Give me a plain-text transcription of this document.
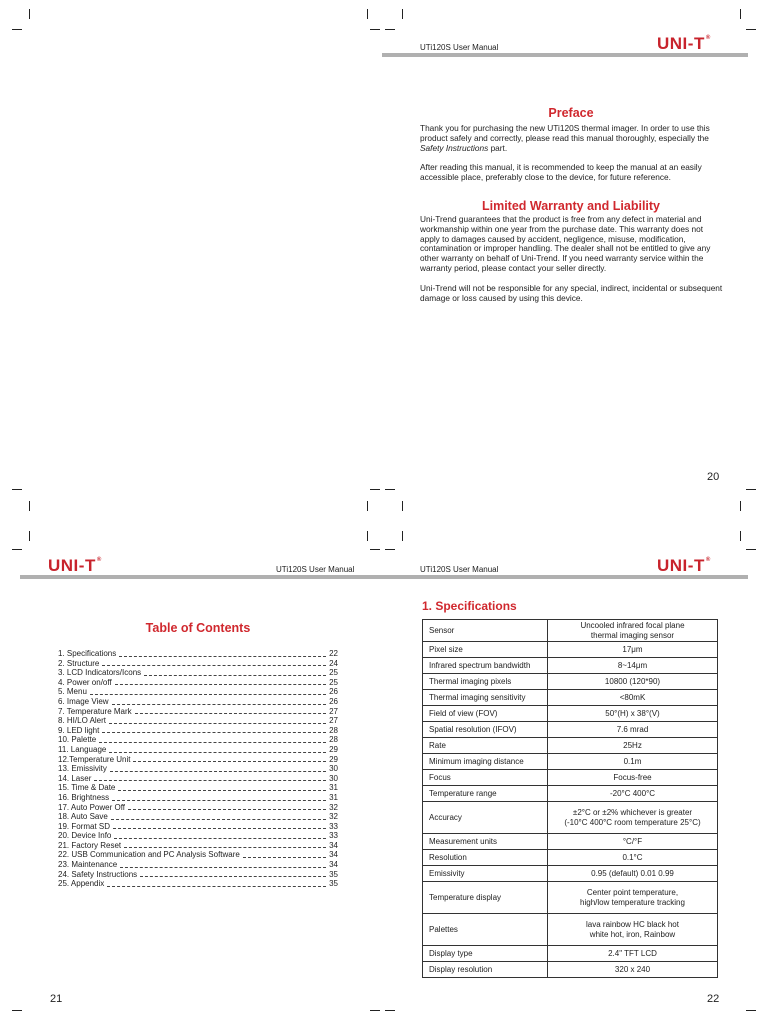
UTi120S User Manual	UNI-T®
Preface
Thank you for purchasing the new UTi120S thermal imager. In order to use this product safely and correctly, please read this manual thoroughly, especially the Safety Instructions part.
After reading this manual, it is recommended to keep the manual at an easily accessible place, preferably close to the device, for future reference.
Limited Warranty and Liability
Uni-Trend guarantees that the product is free from any defect in material and workmanship within one year from the purchase date. This warranty does not apply to damages caused by accident, negligence, misuse, modification, contamination or improper handling. The dealer shall not be entitled to give any other warranty on behalf of Uni-Trend. If you need warranty service within the warranty period, please contact your seller directly.
Uni-Trend will not be responsible for any special, indirect, incidental or subsequent damage or loss caused by using this device.
20
UNI-T®
UTi120S User Manual
Table of Contents
1. Specifications	22
2. Structure	24
3. LCD Indicators/Icons	25
4. Power on/off	25
5. Menu	26
6. Image View	26
7. Temperature Mark	27
8. HI/LO Alert	27
9. LED light	28
10. Palette	28
11. Language	29
12.Temperature Unit	29
13. Emissivity	30
14. Laser	30
15. Time & Date	31
16. Brightness	31
17. Auto Power Off	32
18. Auto Save	32
19. Format SD	33
20. Device Info	33
21. Factory Reset	34
22. USB Communication and PC Analysis Software	34
23. Maintenance	34
24. Safety Instructions	35
25. Appendix	35
21
UTi120S User Manual	UNI-T®
1. Specifications
Sensor	Uncooled infrared focal plane
thermal imaging sensor

Pixel size	17μm

Infrared spectrum bandwidth	8~14μm

Thermal imaging pixels	10800 (120*90)

Thermal imaging sensitivity	<80mK

Field of view (FOV)	50°(H) x 38°(V)

Spatial resolution (IFOV)	7.6 mrad

Rate	25Hz

Minimum imaging distance	0.1m

Focus	Focus-free

Temperature range	-20°C 400°C

Accuracy	±2°C or ±2% whichever is greater
(-10°C 400°C room temperature 25°C)

Measurement units	°C/°F

Resolution	0.1°C

Emissivity	0.95 (default) 0.01 0.99

Temperature display	Center point temperature,
high/low temperature tracking

Palettes	lava rainbow HC black hot
white hot, iron, Rainbow

Display type	2.4" TFT LCD

Display resolution	320 x 240
22
